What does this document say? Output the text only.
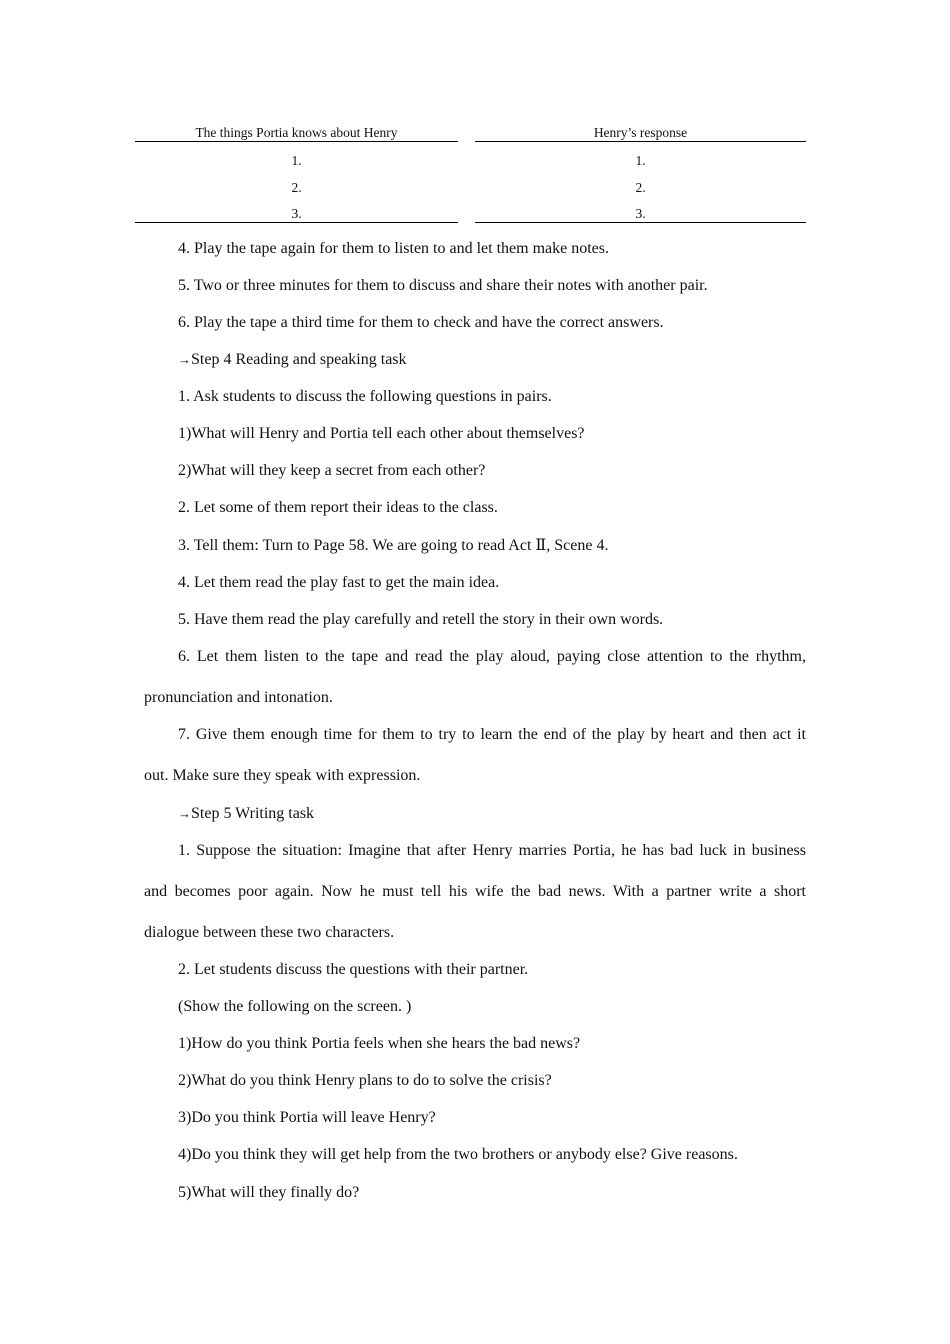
The things Portia knows about Henry
1.
2.
3.
Henry’s response
1.
2.
3.
4. Play the tape again for them to listen to and let them make notes.
5. Two or three minutes for them to discuss and share their notes with another pair.
6. Play the tape a third time for them to check and have the correct answers.
→Step 4 Reading and speaking task
1. Ask students to discuss the following questions in pairs.
1)What will Henry and Portia tell each other about themselves?
2)What will they keep a secret from each other?
2. Let some of them report their ideas to the class.
3. Tell them: Turn to Page 58. We are going to read Act Ⅱ, Scene 4.
4. Let them read the play fast to get the main idea.
5. Have them read the play carefully and retell the story in their own words.
6. Let them listen to the tape and read the play aloud, paying close attention to the rhythm,
pronunciation and intonation.
7. Give them enough time for them to try to learn the end of the play by heart and then act it
out. Make sure they speak with expression.
→Step 5 Writing task
1. Suppose the situation: Imagine that after Henry marries Portia, he has bad luck in business
and becomes poor again. Now he must tell his wife the bad news. With a partner write a short
dialogue between these two characters.
2. Let students discuss the questions with their partner.
(Show the following on the screen. )
1)How do you think Portia feels when she hears the bad news?
2)What do you think Henry plans to do to solve the crisis?
3)Do you think Portia will leave Henry?
4)Do you think they will get help from the two brothers or anybody else? Give reasons.
5)What will they finally do?
